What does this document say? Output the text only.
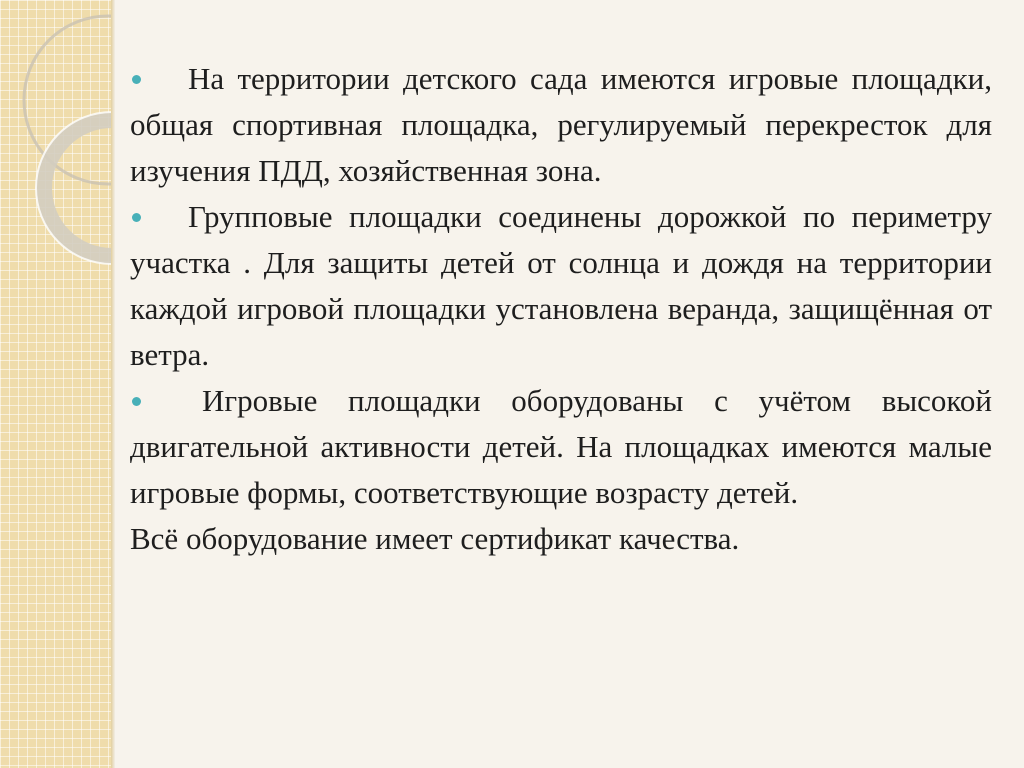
На территории детского сада имеются игровые площадки, общая спортивная площадка, регулируемый перекресток для изучения ПДД, хозяйственная зона.

Групповые площадки соединены дорожкой по периметру участка . Для защиты детей от солнца и дождя на территории каждой игровой площадки установлена веранда, защищённая от ветра.

Игровые площадки оборудованы с учётом высокой двигательной активности детей. На площадках имеются малые игровые формы, соответствующие возрасту детей.

Всё оборудование имеет сертификат качества.
